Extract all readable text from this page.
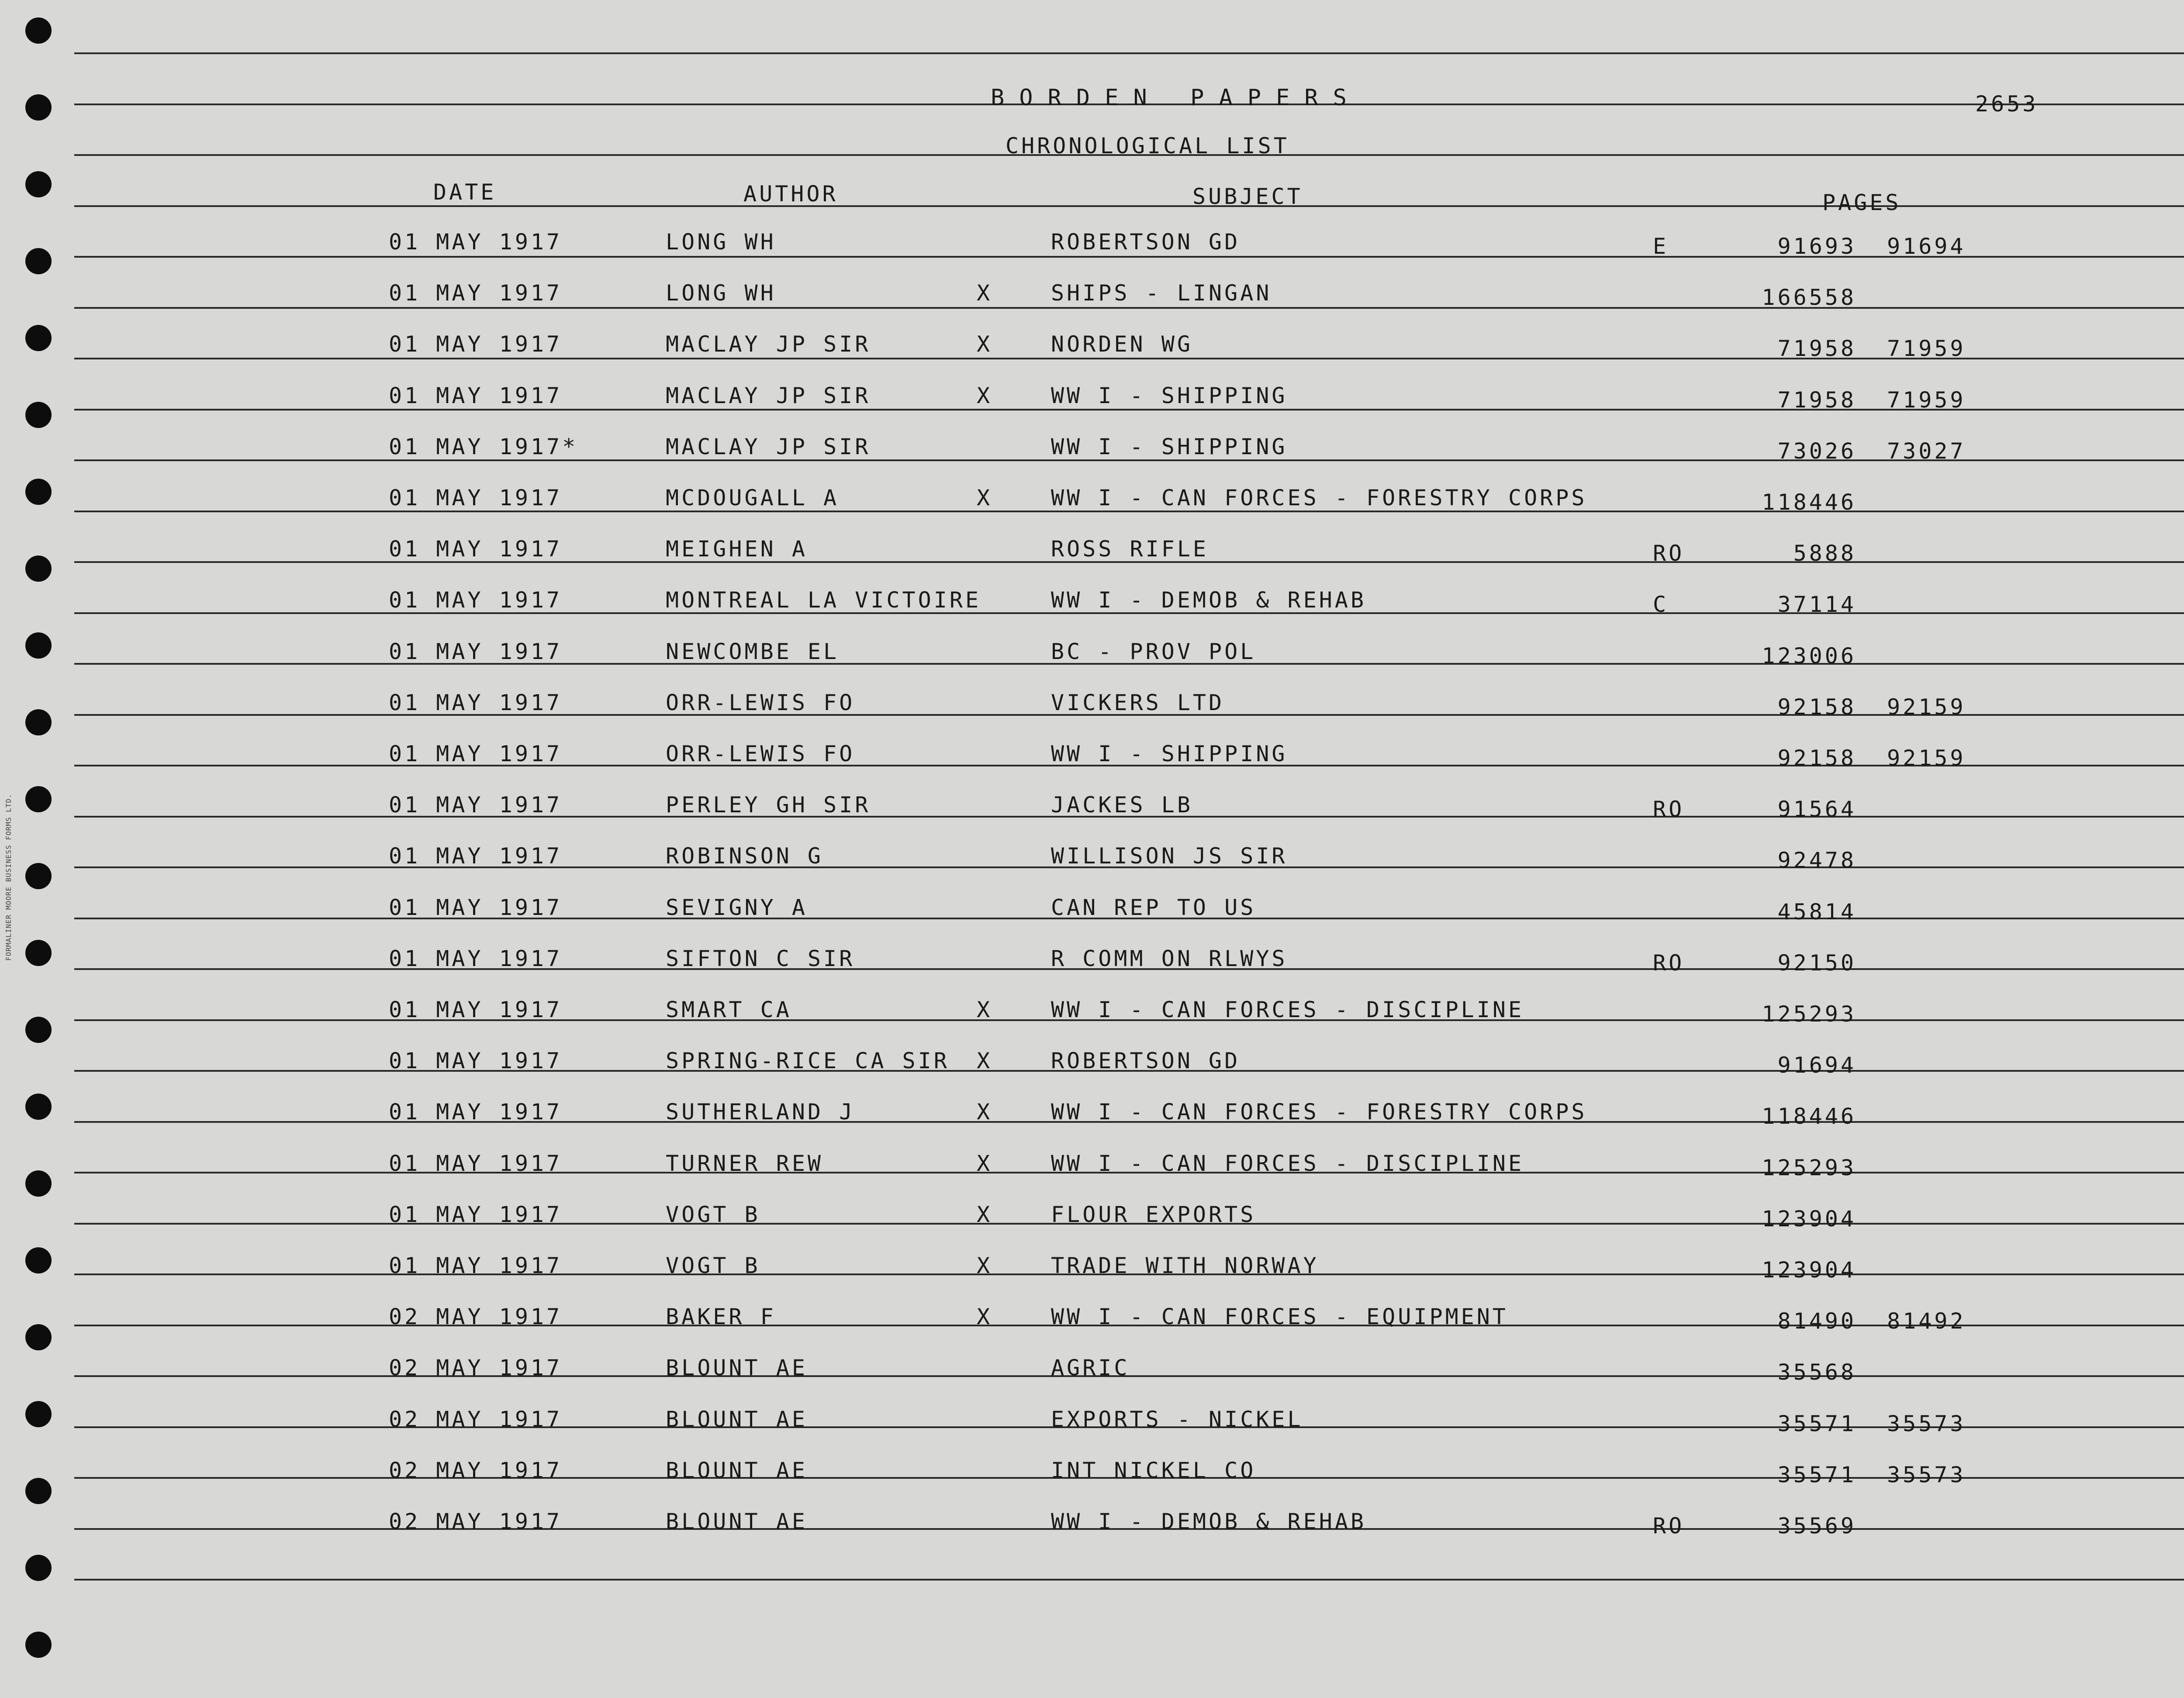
FORMALINER MOORE BUSINESS FORMS LTD.
BORDEN PAPERS	2653
CHRONOLOGICAL LIST
DATE	AUTHOR	SUBJECT	PAGES
01 MAY 1917	LONG WH	ROBERTSON GD	E	91693 91694
01 MAY 1917	LONG WH	X	SHIPS - LINGAN	166558
01 MAY 1917	MACLAY JP SIR	X	NORDEN WG	71958 71959
01 MAY 1917	MACLAY JP SIR	X	WW I - SHIPPING	71958 71959
01 MAY 1917*	MACLAY JP SIR	WW I - SHIPPING	73026 73027
01 MAY 1917	MCDOUGALL A	X	WW I - CAN FORCES - FORESTRY CORPS	118446
01 MAY 1917	MEIGHEN A	ROSS RIFLE	RO	5888
01 MAY 1917	MONTREAL LA VICTOIRE	WW I - DEMOB & REHAB	C	37114
01 MAY 1917	NEWCOMBE EL	BC - PROV POL	123006
01 MAY 1917	ORR-LEWIS FO	VICKERS LTD	92158 92159
01 MAY 1917	ORR-LEWIS FO	WW I - SHIPPING	92158 92159
01 MAY 1917	PERLEY GH SIR	JACKES LB	RO	91564
01 MAY 1917	ROBINSON G	WILLISON JS SIR	92478
01 MAY 1917	SEVIGNY A	CAN REP TO US	45814
01 MAY 1917	SIFTON C SIR	R COMM ON RLWYS	RO	92150
01 MAY 1917	SMART CA	X	WW I - CAN FORCES - DISCIPLINE	125293
01 MAY 1917	SPRING-RICE CA SIR X	ROBERTSON GD	91694
01 MAY 1917	SUTHERLAND J	X	WW I - CAN FORCES - FORESTRY CORPS	118446
01 MAY 1917	TURNER REW	X	WW I - CAN FORCES - DISCIPLINE	125293
01 MAY 1917	VOGT B	X	FLOUR EXPORTS	123904
01 MAY 1917	VOGT B	X	TRADE WITH NORWAY	123904
02 MAY 1917	BAKER F	X	WW I - CAN FORCES - EQUIPMENT	81490 81492
02 MAY 1917	BLOUNT AE	AGRIC	35568
02 MAY 1917	BLOUNT AE	EXPORTS - NICKEL	35571 35573
02 MAY 1917	BLOUNT AE	INT NICKEL CO	35571 35573
02 MAY 1917	BLOUNT AE	WW I - DEMOB & REHAB	RO	35569
